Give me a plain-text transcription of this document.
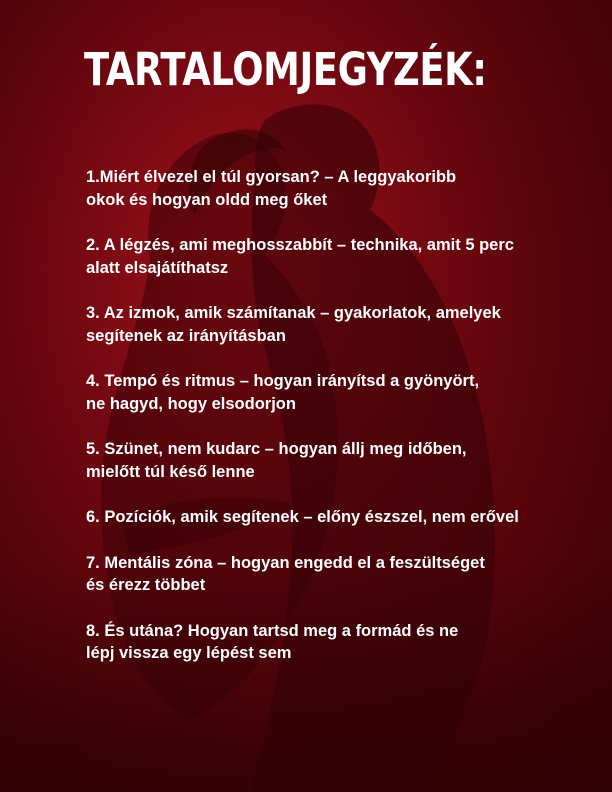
TARTALOMJEGYZÉK:
1.Miért élvezel el túl gyorsan? – A leggyakoribb
okok és hogyan oldd meg őket
2. A légzés, ami meghosszabbít – technika, amit 5 perc
alatt elsajátíthatsz
3. Az izmok, amik számítanak – gyakorlatok, amelyek
segítenek az irányításban
4. Tempó és ritmus – hogyan irányítsd a gyönyört,
ne hagyd, hogy elsodorjon
5. Szünet, nem kudarc – hogyan állj meg időben,
mielőtt túl késő lenne
6. Pozíciók, amik segítenek – előny észszel, nem erővel
7. Mentális zóna – hogyan engedd el a feszültséget
és érezz többet
8. És utána? Hogyan tartsd meg a formád és ne
lépj vissza egy lépést sem
